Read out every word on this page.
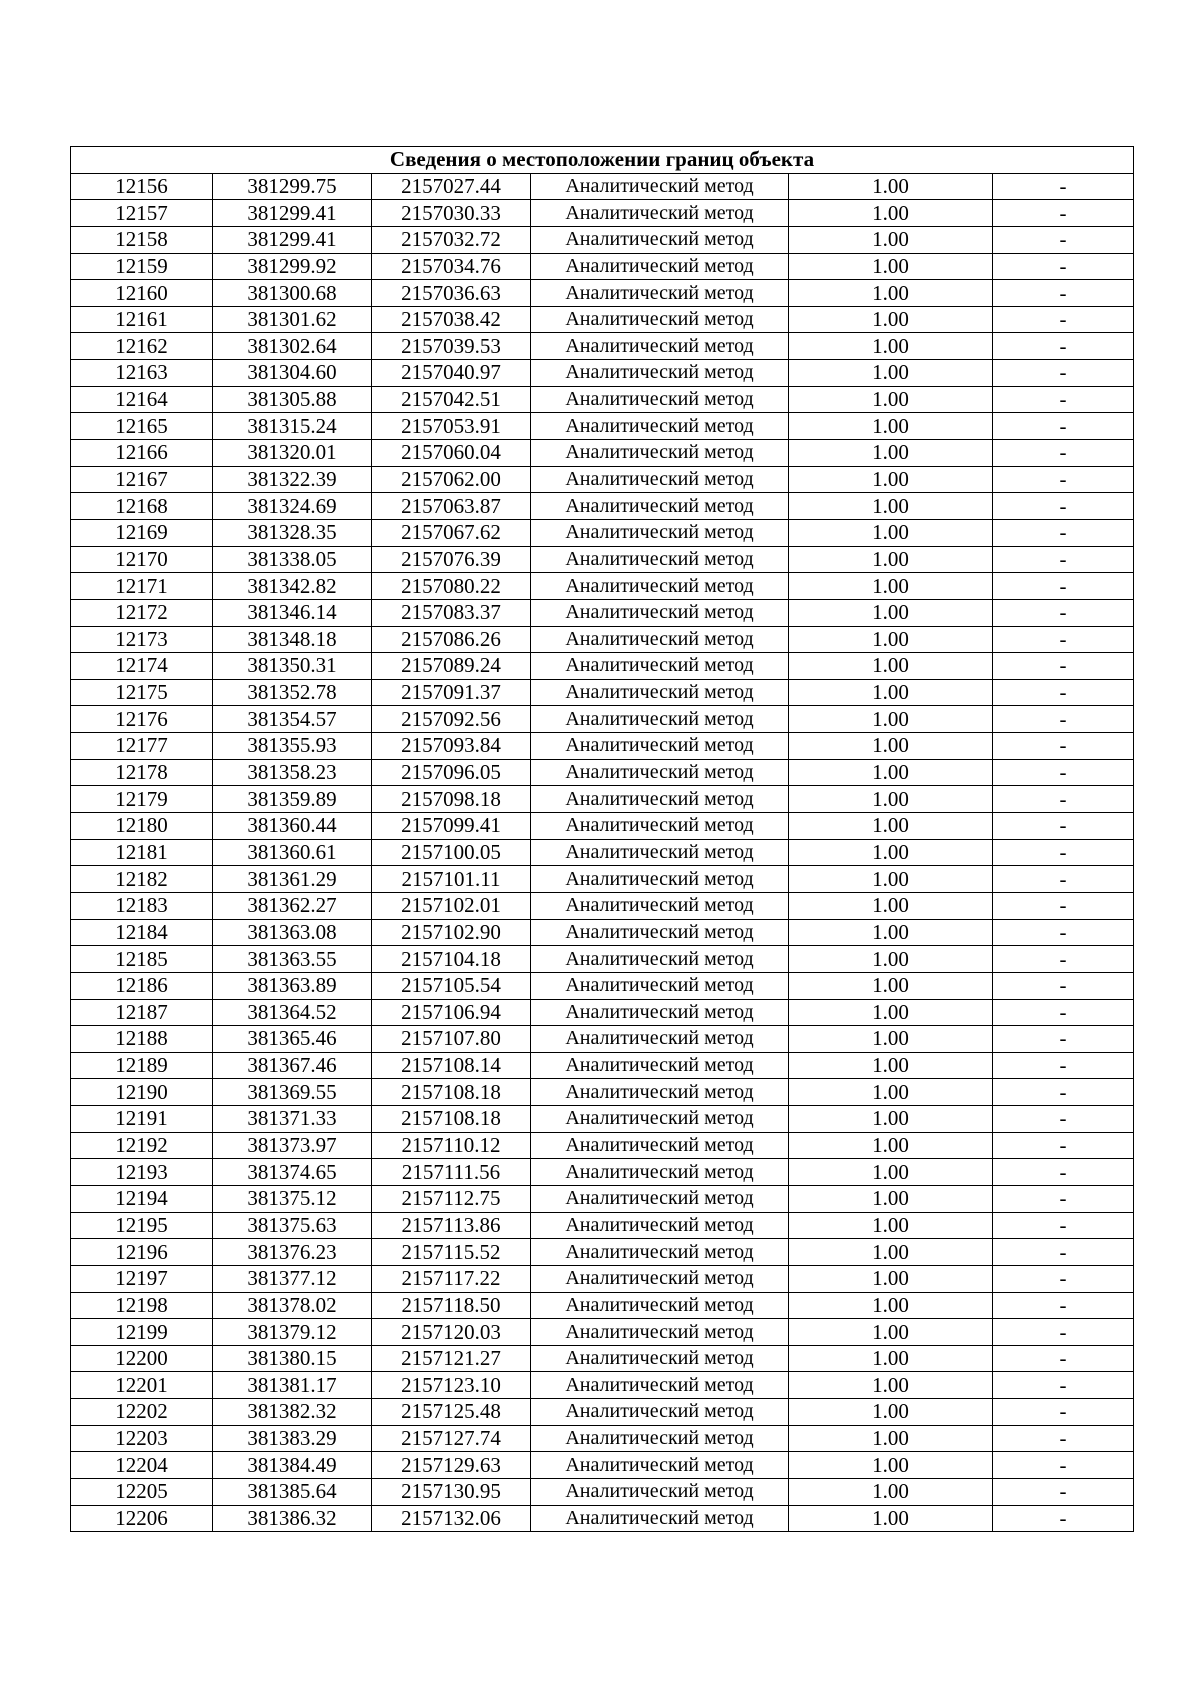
Сведения о местоположении границ объекта					
12156	381299.75	2157027.44	Аналитический метод	1.00	-
12157	381299.41	2157030.33	Аналитический метод	1.00	-
12158	381299.41	2157032.72	Аналитический метод	1.00	-
12159	381299.92	2157034.76	Аналитический метод	1.00	-
12160	381300.68	2157036.63	Аналитический метод	1.00	-
12161	381301.62	2157038.42	Аналитический метод	1.00	-
12162	381302.64	2157039.53	Аналитический метод	1.00	-
12163	381304.60	2157040.97	Аналитический метод	1.00	-
12164	381305.88	2157042.51	Аналитический метод	1.00	-
12165	381315.24	2157053.91	Аналитический метод	1.00	-
12166	381320.01	2157060.04	Аналитический метод	1.00	-
12167	381322.39	2157062.00	Аналитический метод	1.00	-
12168	381324.69	2157063.87	Аналитический метод	1.00	-
12169	381328.35	2157067.62	Аналитический метод	1.00	-
12170	381338.05	2157076.39	Аналитический метод	1.00	-
12171	381342.82	2157080.22	Аналитический метод	1.00	-
12172	381346.14	2157083.37	Аналитический метод	1.00	-
12173	381348.18	2157086.26	Аналитический метод	1.00	-
12174	381350.31	2157089.24	Аналитический метод	1.00	-
12175	381352.78	2157091.37	Аналитический метод	1.00	-
12176	381354.57	2157092.56	Аналитический метод	1.00	-
12177	381355.93	2157093.84	Аналитический метод	1.00	-
12178	381358.23	2157096.05	Аналитический метод	1.00	-
12179	381359.89	2157098.18	Аналитический метод	1.00	-
12180	381360.44	2157099.41	Аналитический метод	1.00	-
12181	381360.61	2157100.05	Аналитический метод	1.00	-
12182	381361.29	2157101.11	Аналитический метод	1.00	-
12183	381362.27	2157102.01	Аналитический метод	1.00	-
12184	381363.08	2157102.90	Аналитический метод	1.00	-
12185	381363.55	2157104.18	Аналитический метод	1.00	-
12186	381363.89	2157105.54	Аналитический метод	1.00	-
12187	381364.52	2157106.94	Аналитический метод	1.00	-
12188	381365.46	2157107.80	Аналитический метод	1.00	-
12189	381367.46	2157108.14	Аналитический метод	1.00	-
12190	381369.55	2157108.18	Аналитический метод	1.00	-
12191	381371.33	2157108.18	Аналитический метод	1.00	-
12192	381373.97	2157110.12	Аналитический метод	1.00	-
12193	381374.65	2157111.56	Аналитический метод	1.00	-
12194	381375.12	2157112.75	Аналитический метод	1.00	-
12195	381375.63	2157113.86	Аналитический метод	1.00	-
12196	381376.23	2157115.52	Аналитический метод	1.00	-
12197	381377.12	2157117.22	Аналитический метод	1.00	-
12198	381378.02	2157118.50	Аналитический метод	1.00	-
12199	381379.12	2157120.03	Аналитический метод	1.00	-
12200	381380.15	2157121.27	Аналитический метод	1.00	-
12201	381381.17	2157123.10	Аналитический метод	1.00	-
12202	381382.32	2157125.48	Аналитический метод	1.00	-
12203	381383.29	2157127.74	Аналитический метод	1.00	-
12204	381384.49	2157129.63	Аналитический метод	1.00	-
12205	381385.64	2157130.95	Аналитический метод	1.00	-
12206	381386.32	2157132.06	Аналитический метод	1.00	-
